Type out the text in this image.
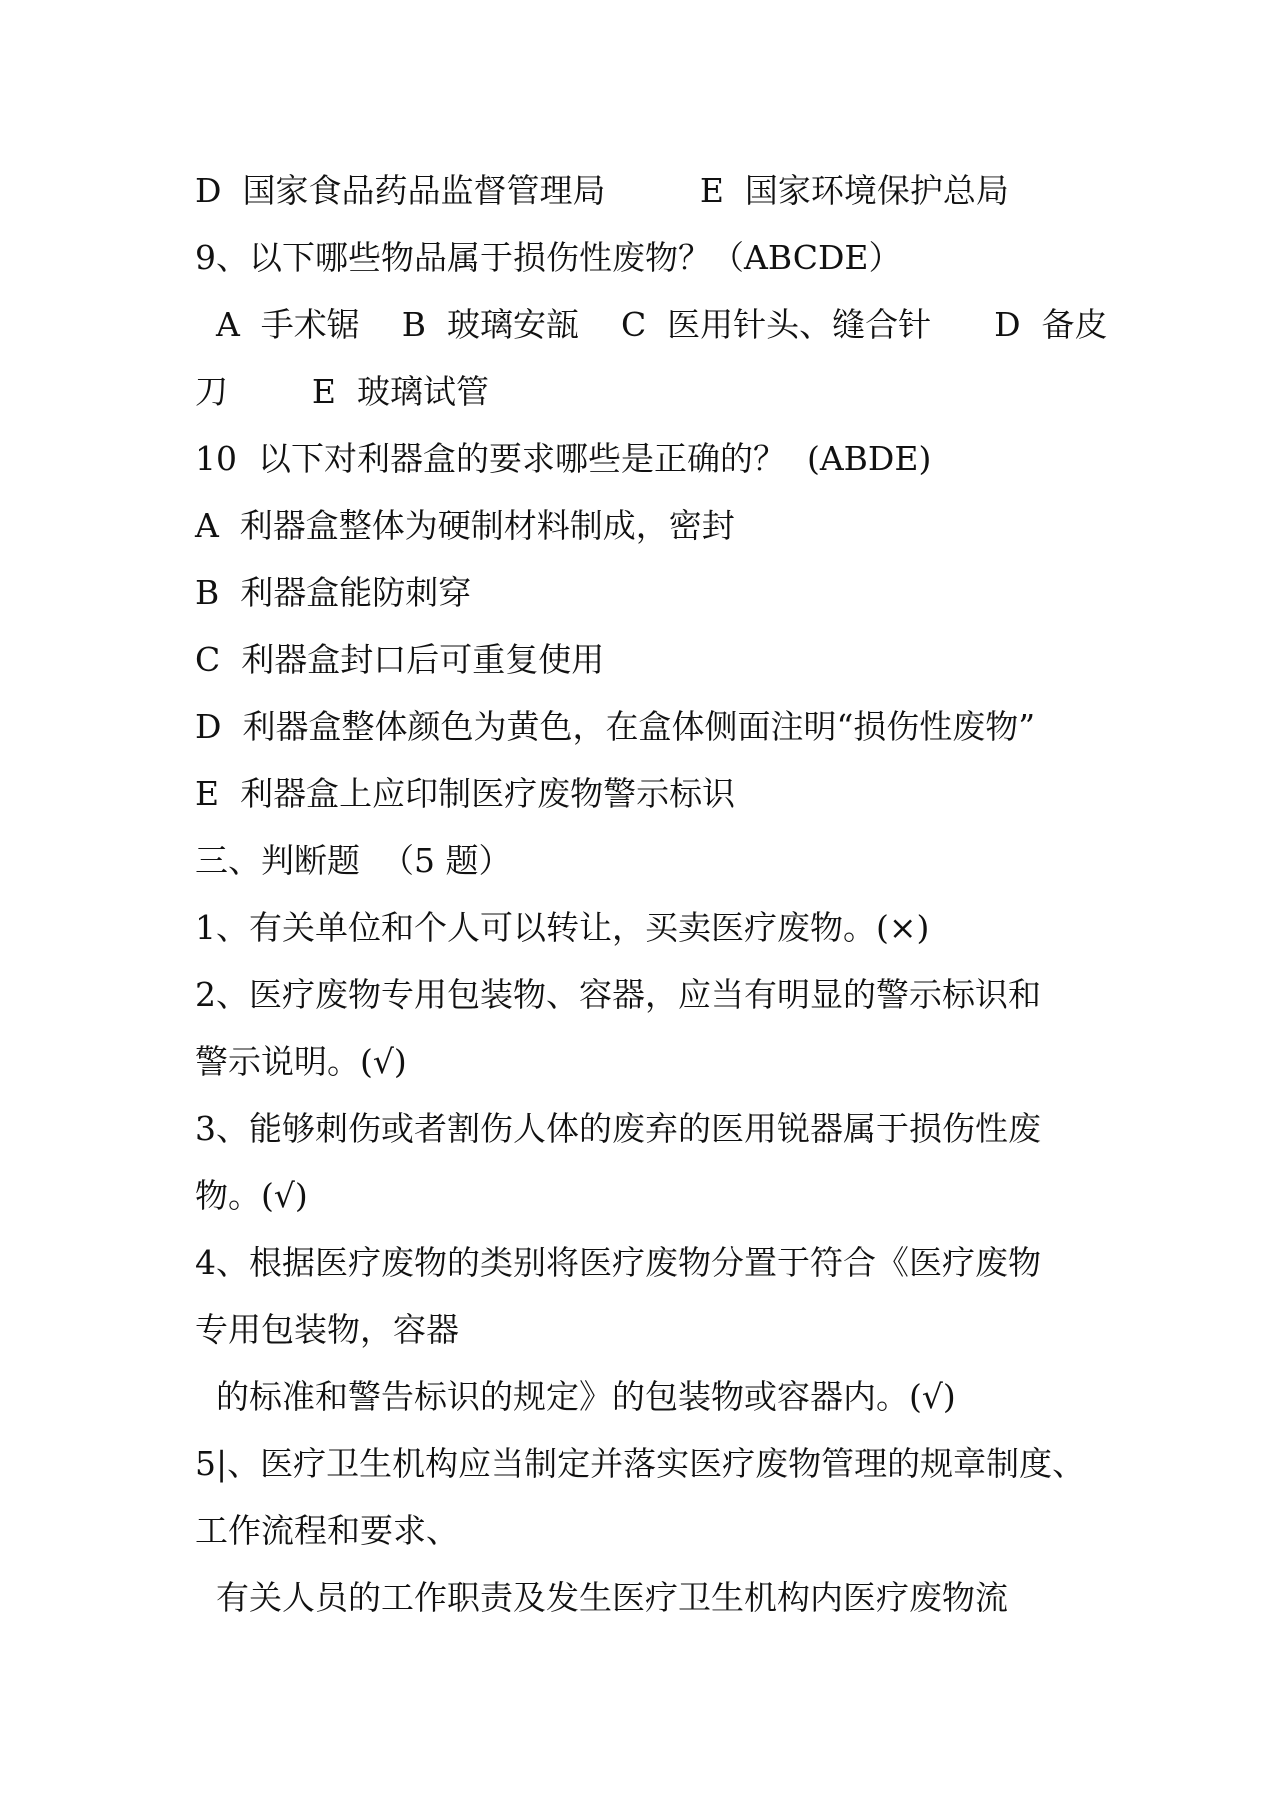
D  国家食品药品监督管理局         E  国家环境保护总局
9、以下哪些物品属于损伤性废物？（ABCDE）
A  手术锯    B  玻璃安瓿    C  医用针头、缝合针      D  备皮
刀        E  玻璃试管
10  以下对利器盒的要求哪些是正确的？  (ABDE)
A  利器盒整体为硬制材料制成，密封
B  利器盒能防刺穿
C  利器盒封口后可重复使用
D  利器盒整体颜色为黄色，在盒体侧面注明“损伤性废物”
E  利器盒上应印制医疗废物警示标识
三、判断题  （5 题）
1、有关单位和个人可以转让，买卖医疗废物。(×)
2、医疗废物专用包装物、容器，应当有明显的警示标识和
警示说明。(√)
3、能够刺伤或者割伤人体的废弃的医用锐器属于损伤性废
物。(√)
4、根据医疗废物的类别将医疗废物分置于符合《医疗废物
专用包装物，容器
的标准和警告标识的规定》的包装物或容器内。(√)
5|、医疗卫生机构应当制定并落实医疗废物管理的规章制度、
工作流程和要求、
有关人员的工作职责及发生医疗卫生机构内医疗废物流
